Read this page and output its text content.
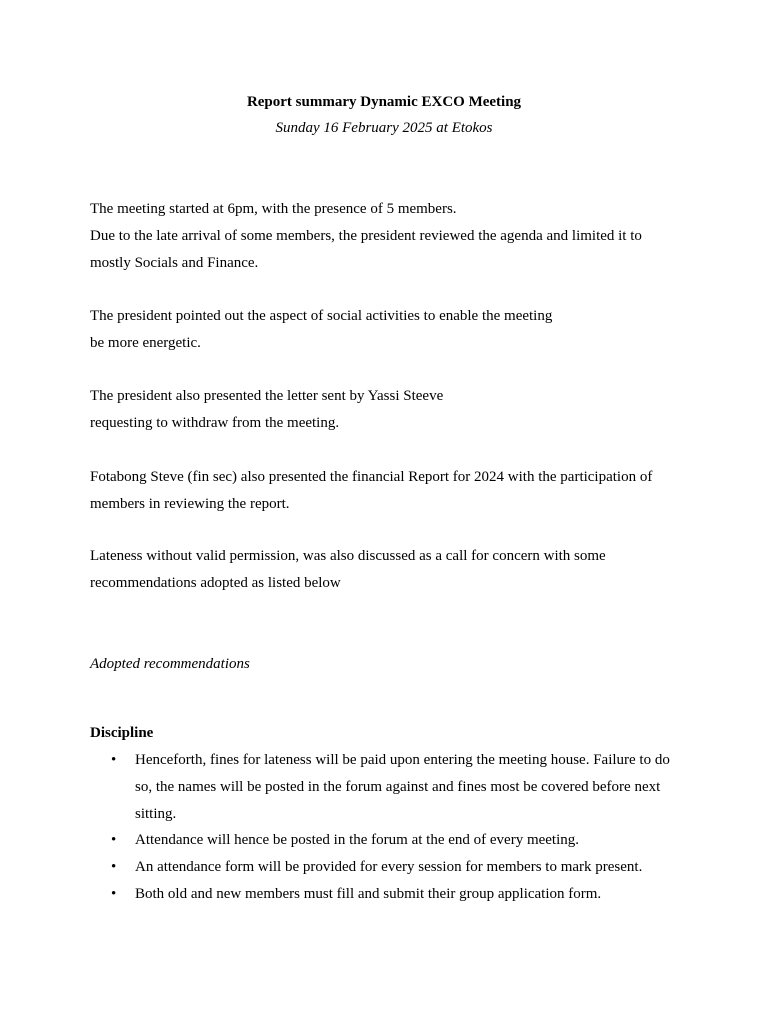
Report summary Dynamic EXCO Meeting

Sunday 16 February 2025 at Etokos

The meeting started at 6pm, with the presence of 5 members.
Due to the late arrival of some members, the president reviewed the agenda and limited it to
mostly Socials and Finance.

The president pointed out the aspect of social activities to enable the meeting
be more energetic.

The president also presented the letter sent by Yassi Steeve
requesting to withdraw from the meeting.

Fotabong Steve (fin sec) also presented the financial Report for 2024 with the participation of
members in reviewing the report.

Lateness without valid permission, was also discussed as a call for concern with some
recommendations adopted as listed below

Adopted recommendations

Discipline

• Henceforth, fines for lateness will be paid upon entering the meeting house. Failure to do
so, the names will be posted in the forum against and fines most be covered before next
sitting.
• Attendance will hence be posted in the forum at the end of every meeting.
• An attendance form will be provided for every session for members to mark present.
• Both old and new members must fill and submit their group application form.
